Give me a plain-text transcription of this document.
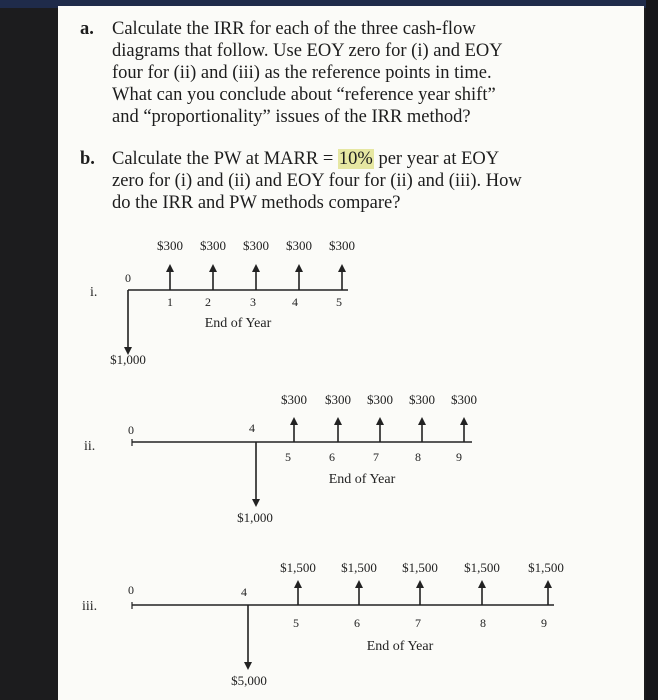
a. Calculate the IRR for each of the three cash-flow
diagrams that follow. Use EOY zero for (i) and EOY
four for (ii) and (iii) as the reference points in time.
What can you conclude about “reference year shift”
and “proportionality” issues of the IRR method?
b. Calculate the PW at MARR = 10% per year at EOY
zero for (i) and (ii) and EOY four for (ii) and (iii). How
do the IRR and PW methods compare?
i.
0
$300 $300 $300 $300 $300
1	2	3	4	5
End of Year
$1,000
ii.
0	4
$300 $300 $300 $300 $300
5	6	7	8	9
End of Year
$1,000
iii.
0	4
$1,500 $1,500 $1,500 $1,500 $1,500
5	6	7	8	9
End of Year
$5,000
